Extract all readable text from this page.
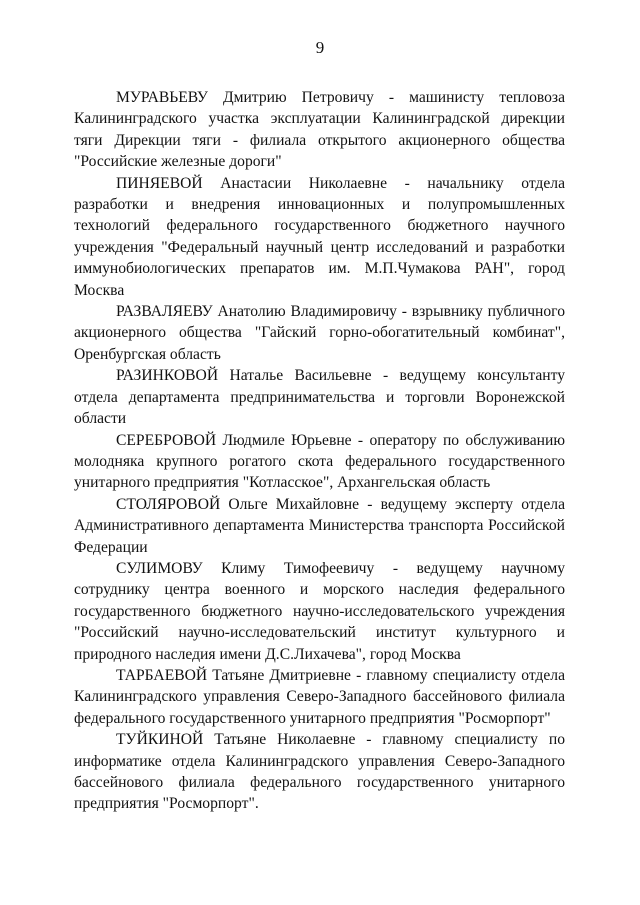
9

МУРАВЬЕВУ Дмитрию Петровичу - машинисту тепловоза Калининградского участка эксплуатации Калининградской дирекции тяги Дирекции тяги - филиала открытого акционерного общества "Российские железные дороги"

ПИНЯЕВОЙ Анастасии Николаевне - начальнику отдела разработки и внедрения инновационных и полупромышленных технологий федерального государственного бюджетного научного учреждения "Федеральный научный центр исследований и разработки иммунобиологических препаратов им. М.П.Чумакова РАН", город Москва

РАЗВАЛЯЕВУ Анатолию Владимировичу - взрывнику публичного акционерного общества "Гайский горно-обогатительный комбинат", Оренбургская область

РАЗИНКОВОЙ Наталье Васильевне - ведущему консультанту отдела департамента предпринимательства и торговли Воронежской области

СЕРЕБРОВОЙ Людмиле Юрьевне - оператору по обслуживанию молодняка крупного рогатого скота федерального государственного унитарного предприятия "Котласское", Архангельская область

СТОЛЯРОВОЙ Ольге Михайловне - ведущему эксперту отдела Административного департамента Министерства транспорта Российской Федерации

СУЛИМОВУ Климу Тимофеевичу - ведущему научному сотруднику центра военного и морского наследия федерального государственного бюджетного научно-исследовательского учреждения "Российский научно-исследовательский институт культурного и природного наследия имени Д.С.Лихачева", город Москва

ТАРБАЕВОЙ Татьяне Дмитриевне - главному специалисту отдела Калининградского управления Северо-Западного бассейнового филиала федерального государственного унитарного предприятия "Росморпорт"

ТУЙКИНОЙ Татьяне Николаевне - главному специалисту по информатике отдела Калининградского управления Северо-Западного бассейнового филиала федерального государственного унитарного предприятия "Росморпорт".
